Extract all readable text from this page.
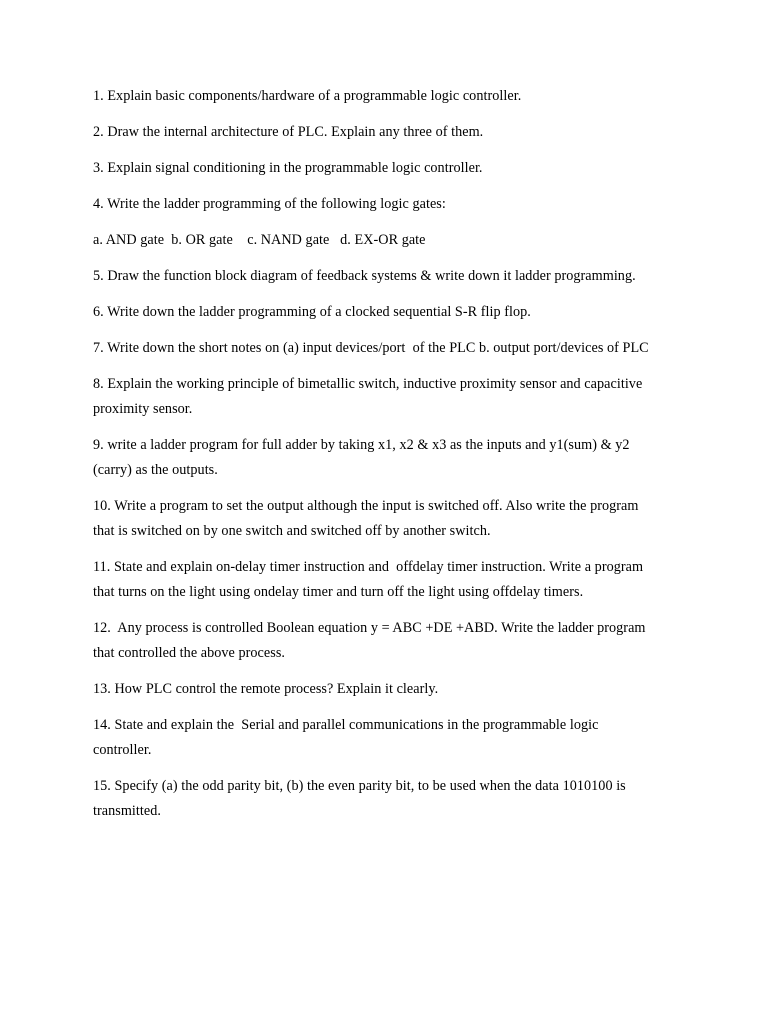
1. Explain basic components/hardware of a programmable logic controller.
2. Draw the internal architecture of PLC. Explain any three of them.
3. Explain signal conditioning in the programmable logic controller.
4. Write the ladder programming of the following logic gates:
a. AND gate  b. OR gate    c. NAND gate   d. EX-OR gate
5. Draw the function block diagram of feedback systems & write down it ladder programming.
6. Write down the ladder programming of a clocked sequential S-R flip flop.
7. Write down the short notes on (a) input devices/port  of the PLC b. output port/devices of PLC
8. Explain the working principle of bimetallic switch, inductive proximity sensor and capacitive proximity sensor.
9. write a ladder program for full adder by taking x1, x2 & x3 as the inputs and y1(sum) & y2 (carry) as the outputs.
10. Write a program to set the output although the input is switched off. Also write the program that is switched on by one switch and switched off by another switch.
11. State and explain on-delay timer instruction and  offdelay timer instruction. Write a program that turns on the light using ondelay timer and turn off the light using offdelay timers.
12.  Any process is controlled Boolean equation y = ABC +DE +ABD. Write the ladder program that controlled the above process.
13. How PLC control the remote process? Explain it clearly.
14. State and explain the  Serial and parallel communications in the programmable logic controller.
15. Specify (a) the odd parity bit, (b) the even parity bit, to be used when the data 1010100 is transmitted.
